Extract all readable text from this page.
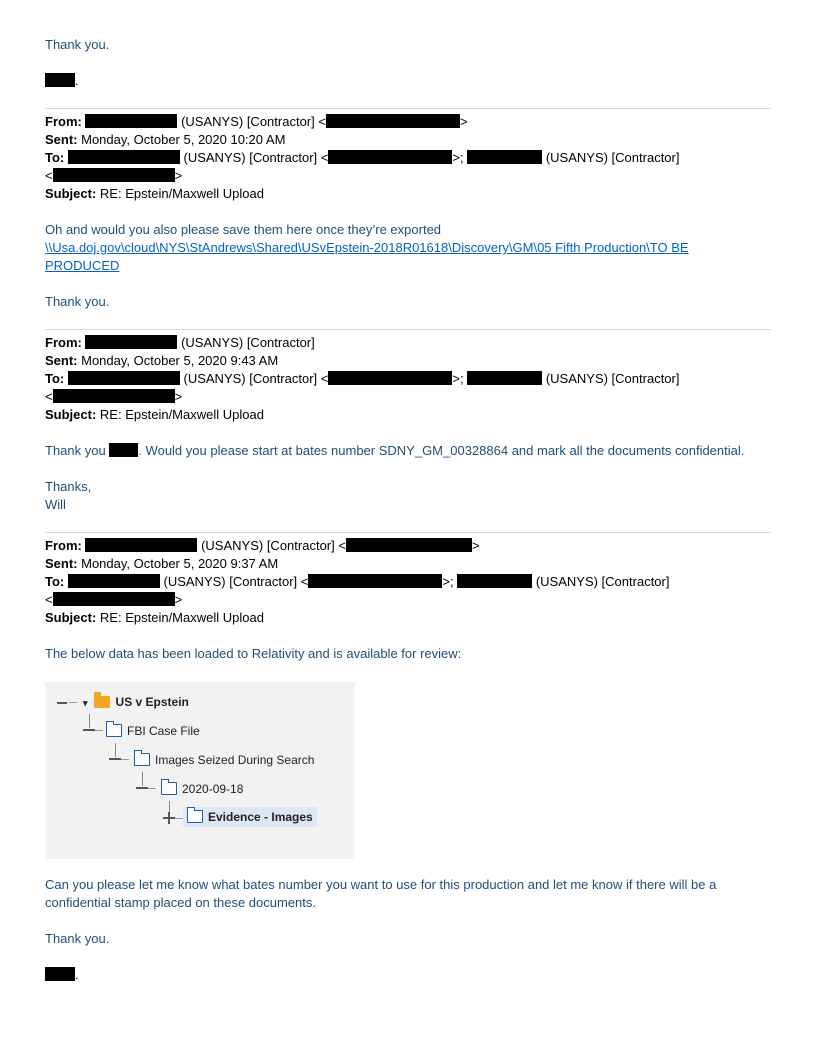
Thank you.
.
From:	(USANYS) [Contractor] <	>
Sent: Monday, October 5, 2020 10:20 AM
To:	(USANYS) [Contractor] <	>;	(USANYS) [Contractor]
<	>
Subject: RE: Epstein/Maxwell Upload
Oh and would you also please save them here once they’re exported
\\Usa.doj.gov\cloud\NYS\StAndrews\Shared\USvEpstein-2018R01618\Discovery\GM\05 Fifth Production\TO BE
PRODUCED
Thank you.
From:	(USANYS) [Contractor]
Sent: Monday, October 5, 2020 9:43 AM
To:	(USANYS) [Contractor] <	>;	(USANYS) [Contractor]
<	>
Subject: RE: Epstein/Maxwell Upload
Thank you	. Would you please start at bates number SDNY_GM_00328864 and mark all the documents confidential.
Thanks,
Will
From:	(USANYS) [Contractor] <	>
Sent: Monday, October 5, 2020 9:37 AM
To:	(USANYS) [Contractor] <	>;	(USANYS) [Contractor]
<	>
Subject: RE: Epstein/Maxwell Upload
The below data has been loaded to Relativity and is available for review:
▾ US v Epstein
FBI Case File
Images Seized During Search
2020-09-18
Evidence - Images
Can you please let me know what bates number you want to use for this production and let me know if there will be a
confidential stamp placed on these documents.
Thank you.
.
